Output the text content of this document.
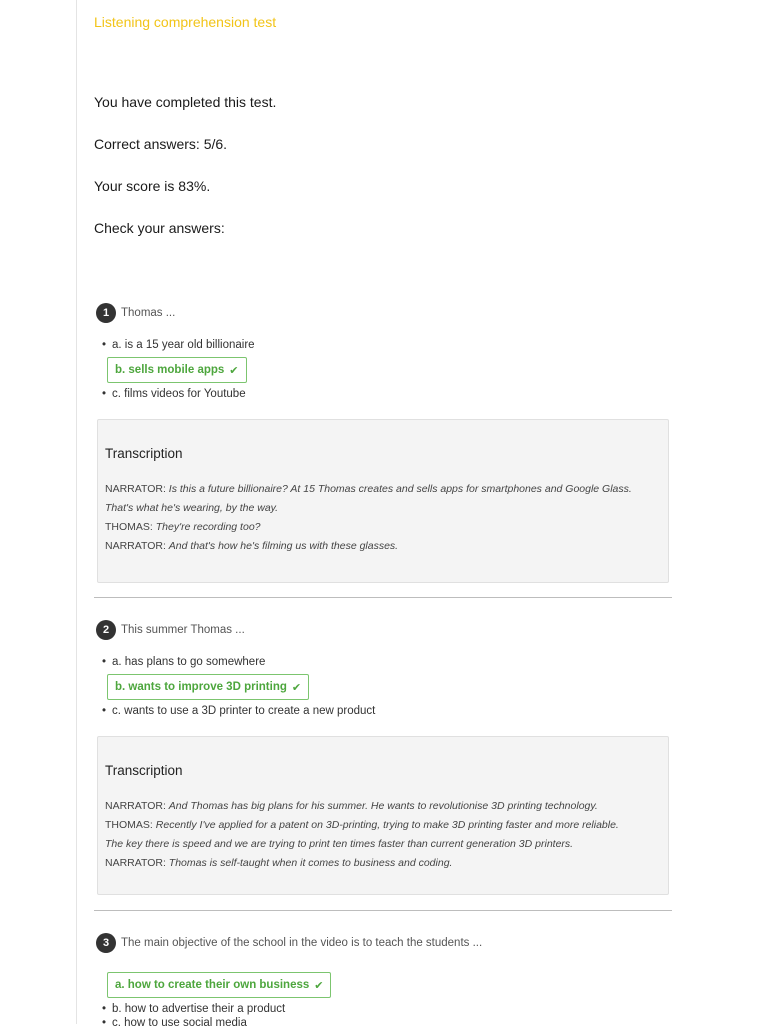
Listening comprehension test
You have completed this test.
Correct answers: 5/6.
Your score is 83%.
Check your answers:
1	Thomas ...
• a. is a 15 year old billionaire
b. sells mobile apps ✔
• c. films videos for Youtube
Transcription
NARRATOR: Is this a future billionaire? At 15 Thomas creates and sells apps for smartphones and Google Glass.
That's what he's wearing, by the way.
THOMAS: They're recording too?
NARRATOR: And that's how he's filming us with these glasses.
2	This summer Thomas ...
• a. has plans to go somewhere
b. wants to improve 3D printing ✔
• c. wants to use a 3D printer to create a new product
Transcription
NARRATOR: And Thomas has big plans for his summer. He wants to revolutionise 3D printing technology.
THOMAS: Recently I've applied for a patent on 3D-printing, trying to make 3D printing faster and more reliable.
The key there is speed and we are trying to print ten times faster than current generation 3D printers.
NARRATOR: Thomas is self-taught when it comes to business and coding.
3	The main objective of the school in the video is to teach the students ...
a. how to create their own business ✔
• b. how to advertise their a product
• c. how to use social media
